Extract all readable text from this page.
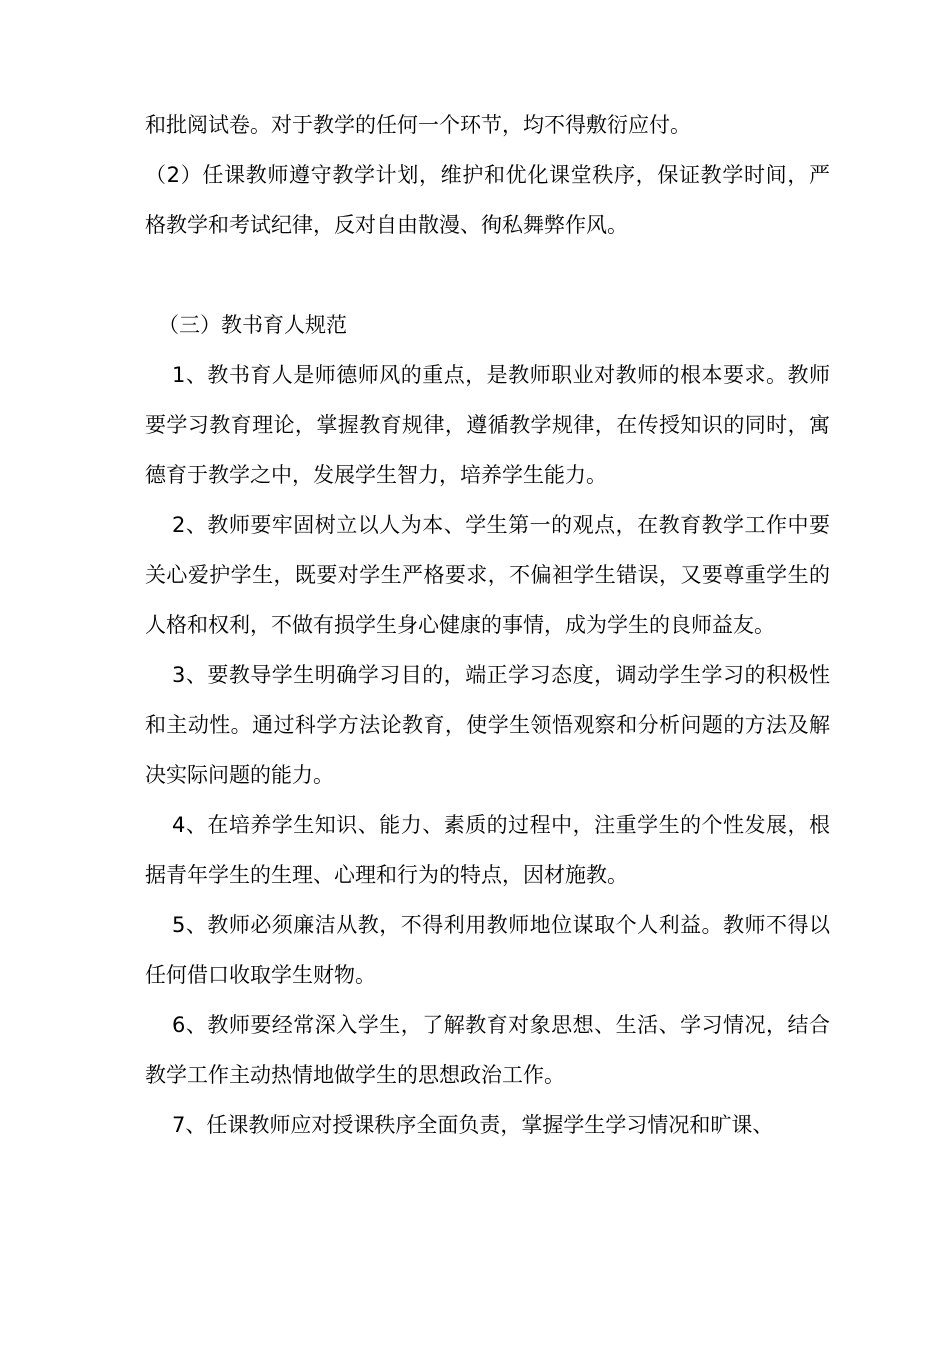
和批阅试卷。对于教学的任何一个环节，均不得敷衍应付。

（2）任课教师遵守教学计划，维护和优化课堂秩序，保证教学时间，严格教学和考试纪律，反对自由散漫、徇私舞弊作风。

（三）教书育人规范

1、教书育人是师德师风的重点，是教师职业对教师的根本要求。教师要学习教育理论，掌握教育规律，遵循教学规律，在传授知识的同时，寓德育于教学之中，发展学生智力，培养学生能力。

2、教师要牢固树立以人为本、学生第一的观点，在教育教学工作中要关心爱护学生，既要对学生严格要求，不偏袒学生错误，又要尊重学生的人格和权利，不做有损学生身心健康的事情，成为学生的良师益友。

3、要教导学生明确学习目的，端正学习态度，调动学生学习的积极性和主动性。通过科学方法论教育，使学生领悟观察和分析问题的方法及解决实际问题的能力。

4、在培养学生知识、能力、素质的过程中，注重学生的个性发展，根据青年学生的生理、心理和行为的特点，因材施教。

5、教师必须廉洁从教，不得利用教师地位谋取个人利益。教师不得以任何借口收取学生财物。

6、教师要经常深入学生，了解教育对象思想、生活、学习情况，结合教学工作主动热情地做学生的思想政治工作。

7、任课教师应对授课秩序全面负责，掌握学生学习情况和旷课、
